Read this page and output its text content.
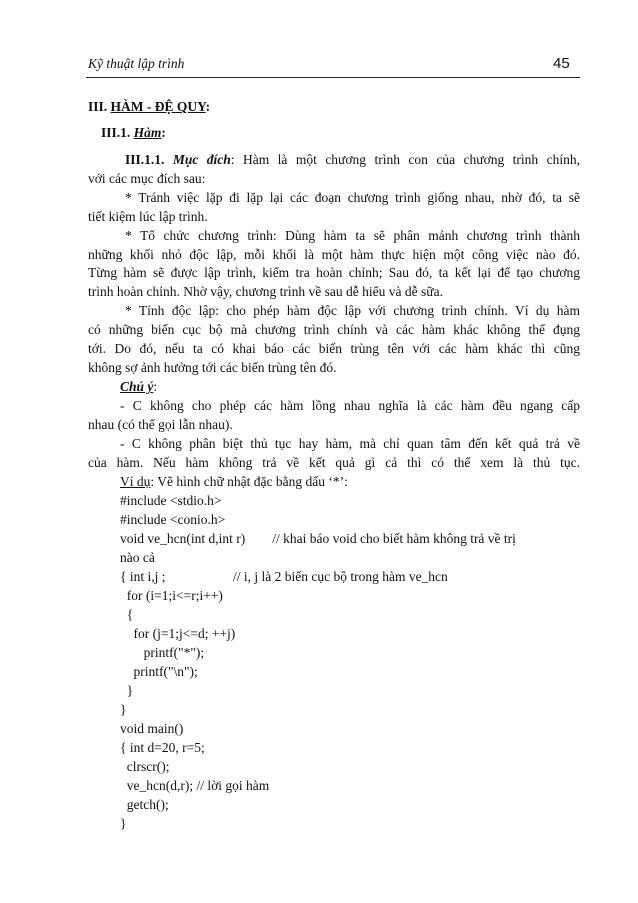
Kỹ thuật lập trình	45
III. HÀM - ĐỆ QUY:
III.1. Hàm:
III.1.1. Mục đích: Hàm là một chương trình con của chương trình chính,
với các mục đích sau:
* Tránh việc lặp đi lặp lại các đoạn chương trình giống nhau, nhờ đó, ta sẽ
tiết kiệm lúc lập trình.
* Tổ chức chương trình: Dùng hàm ta sẽ phân mảnh chương trình thành
những khối nhỏ độc lập, mỗi khối là một hàm thực hiện một công việc nào đó.
Từng hàm sẽ được lập trình, kiểm tra hoàn chỉnh; Sau đó, ta kết lại để tạo chương
trình hoàn chỉnh. Nhờ vậy, chương trình về sau dễ hiểu và dễ sữa.
* Tính độc lập: cho phép hàm độc lập với chương trình chính. Ví dụ hàm
có những biến cục bộ mà chương trình chính và các hàm khác không thể đụng
tới. Do đó, nếu ta có khai báo các biến trùng tên với các hàm khác thì cũng
không sợ ảnh hưởng tới các biến trùng tên đó.
Chú ý:
- C không cho phép các hàm lồng nhau nghĩa là các hàm đều ngang cấp
nhau (có thể gọi lẫn nhau).
- C không phân biệt thủ tục hay hàm, mà chỉ quan tâm đến kết quả trả về
của hàm. Nếu hàm không trả về kết quả gì cả thì có thể xem là thủ tục.
Ví dụ: Vẽ hình chữ nhật đặc bằng dấu ‘*’:
#include <stdio.h>
#include <conio.h>
void ve_hcn(int d,int r)        // khai báo void cho biết hàm không trả về trị
nào cả
{ int i,j ;                    // i, j là 2 biến cục bộ trong hàm ve_hcn
for (i=1;i<=r;i++)
{
for (j=1;j<=d; ++j)
printf("*");
printf("\n");
}
}
void main()
{ int d=20, r=5;
clrscr();
ve_hcn(d,r); // lời gọi hàm
getch();
}
